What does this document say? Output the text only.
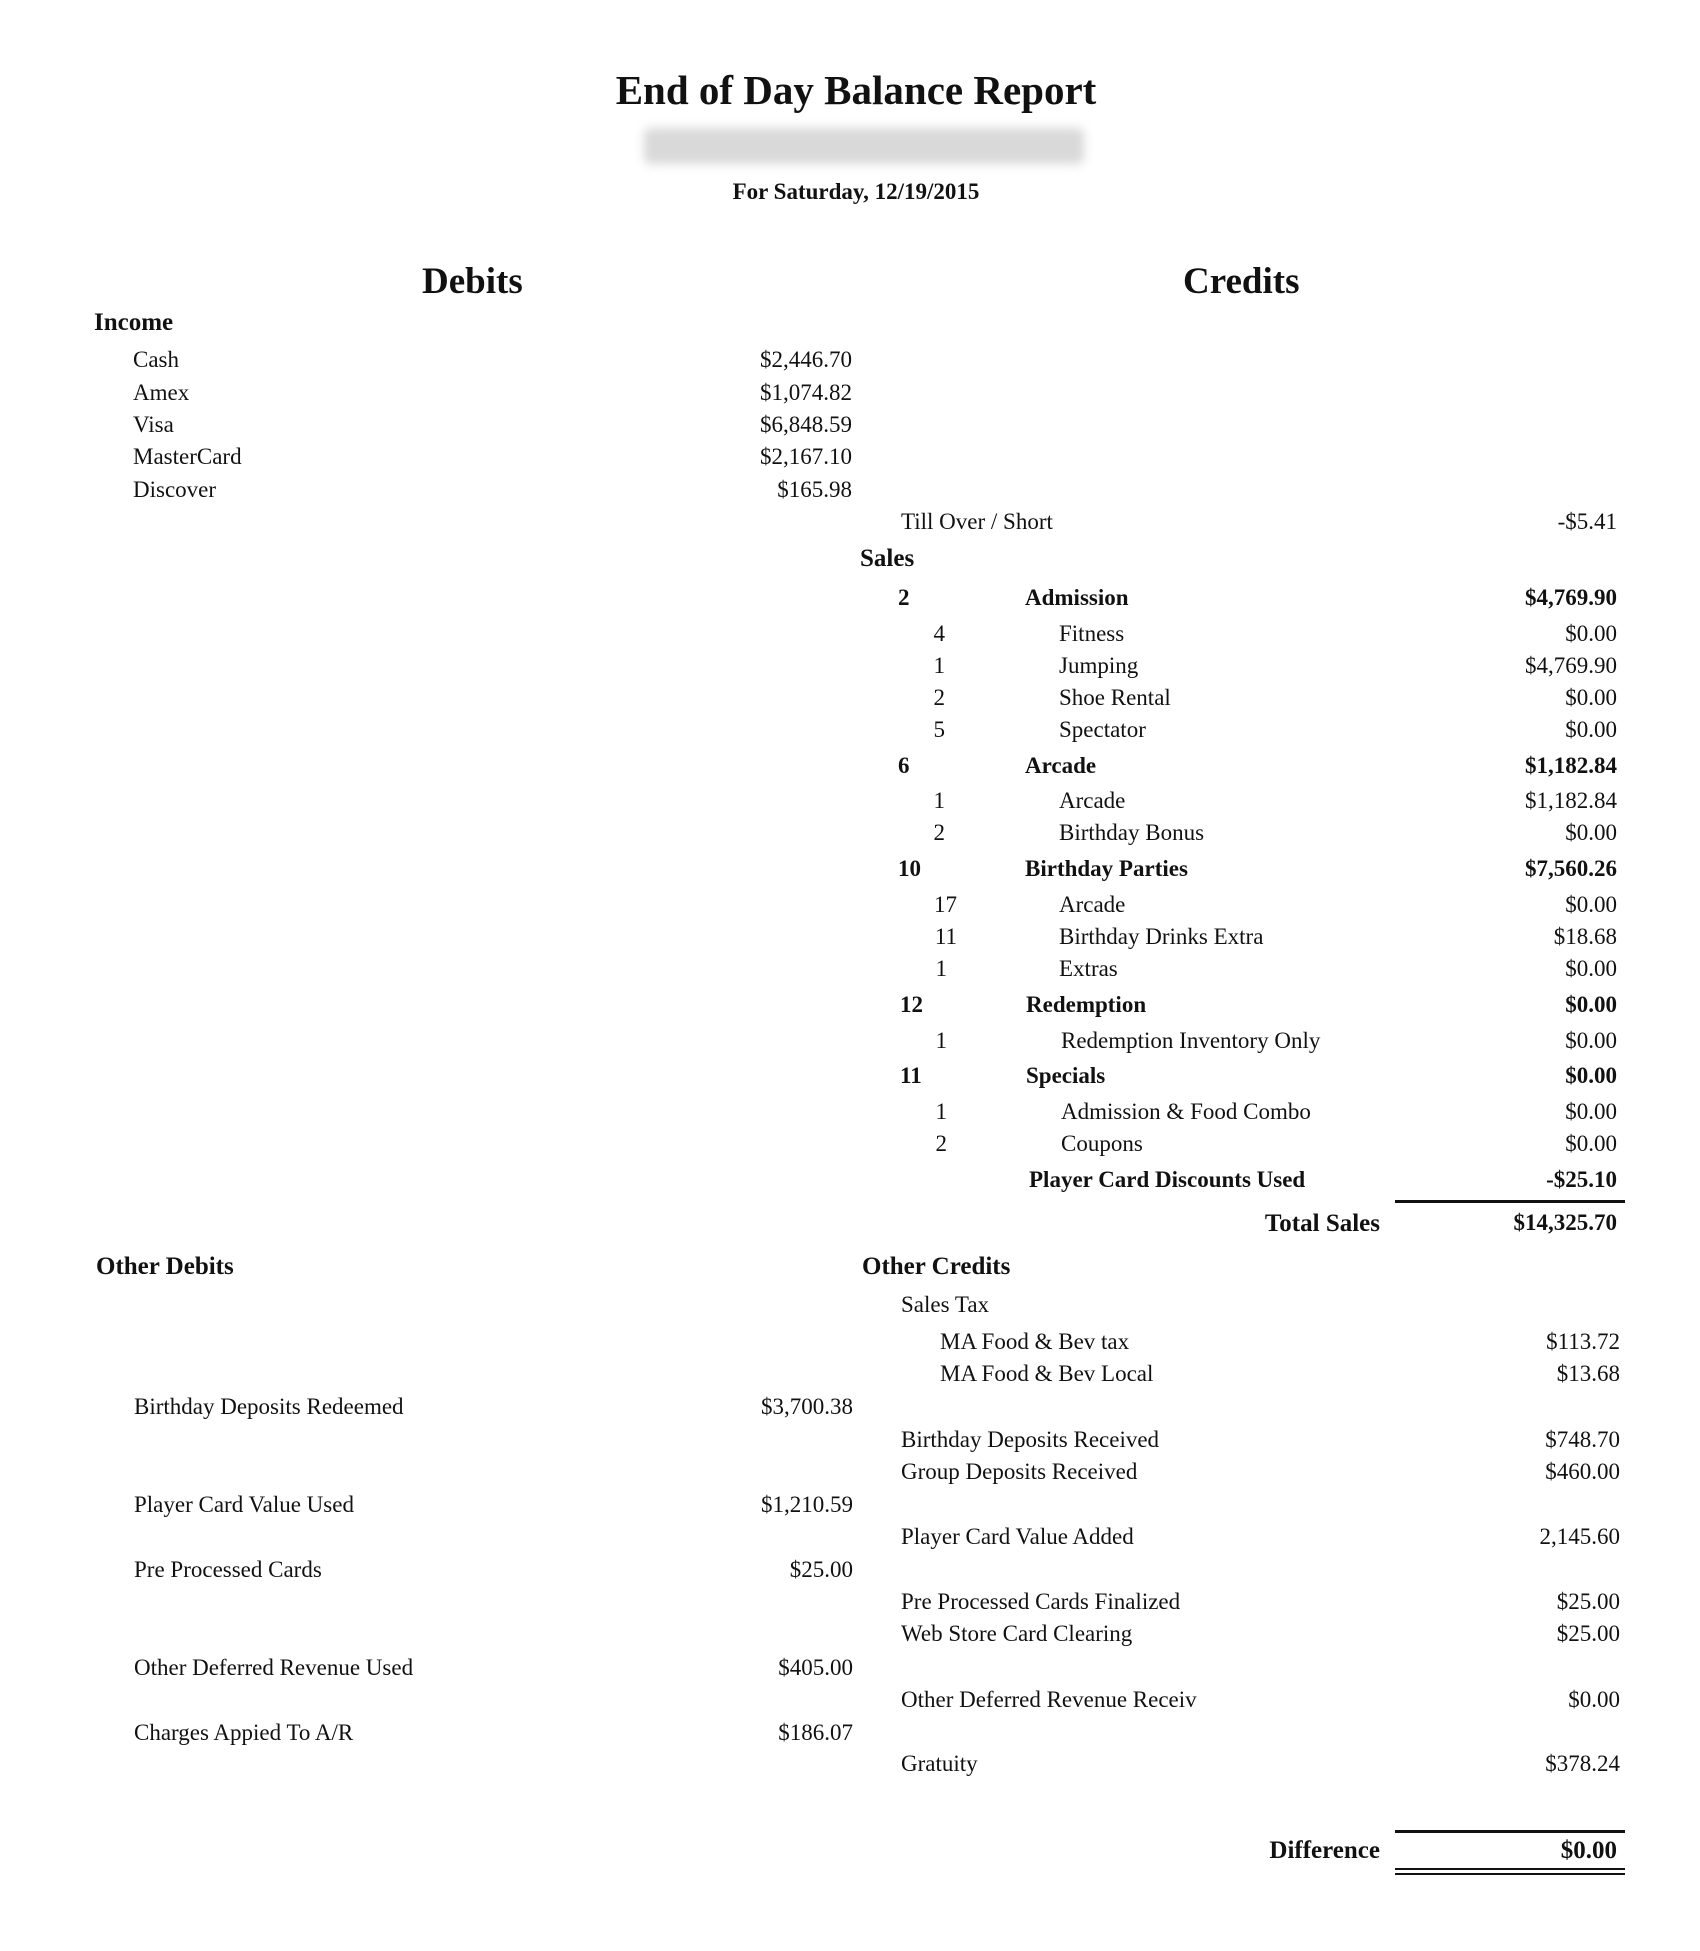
End of Day Balance Report
For Saturday, 12/19/2015
Debits	Credits
Income
Cash	$2,446.70
Amex	$1,074.82
Visa	$6,848.59
MasterCard	$2,167.10
Discover	$165.98
Till Over / Short	-$5.41
Sales
2	Admission	$4,769.90
4	Fitness	$0.00
1	Jumping	$4,769.90
2	Shoe Rental	$0.00
5	Spectator	$0.00
6	Arcade	$1,182.84
1	Arcade	$1,182.84
2	Birthday Bonus	$0.00
10	Birthday Parties	$7,560.26
17	Arcade	$0.00
11	Birthday Drinks Extra	$18.68
1	Extras	$0.00
12	Redemption	$0.00
1	Redemption Inventory Only	$0.00
11	Specials	$0.00
1	Admission & Food Combo	$0.00
2	Coupons	$0.00
Player Card Discounts Used	-$25.10
Total Sales	$14,325.70
Other Debits
Birthday Deposits Redeemed	$3,700.38
Player Card Value Used	$1,210.59
Pre Processed Cards	$25.00
Other Deferred Revenue Used	$405.00
Charges Appied To A/R	$186.07
Other Credits
Sales Tax
MA Food & Bev tax	$113.72
MA Food & Bev Local	$13.68
Birthday Deposits Received	$748.70
Group Deposits Received	$460.00
Player Card Value Added	2,145.60
Pre Processed Cards Finalized	$25.00
Web Store Card Clearing	$25.00
Other Deferred Revenue Receiv	$0.00
Gratuity	$378.24
Difference	$0.00
